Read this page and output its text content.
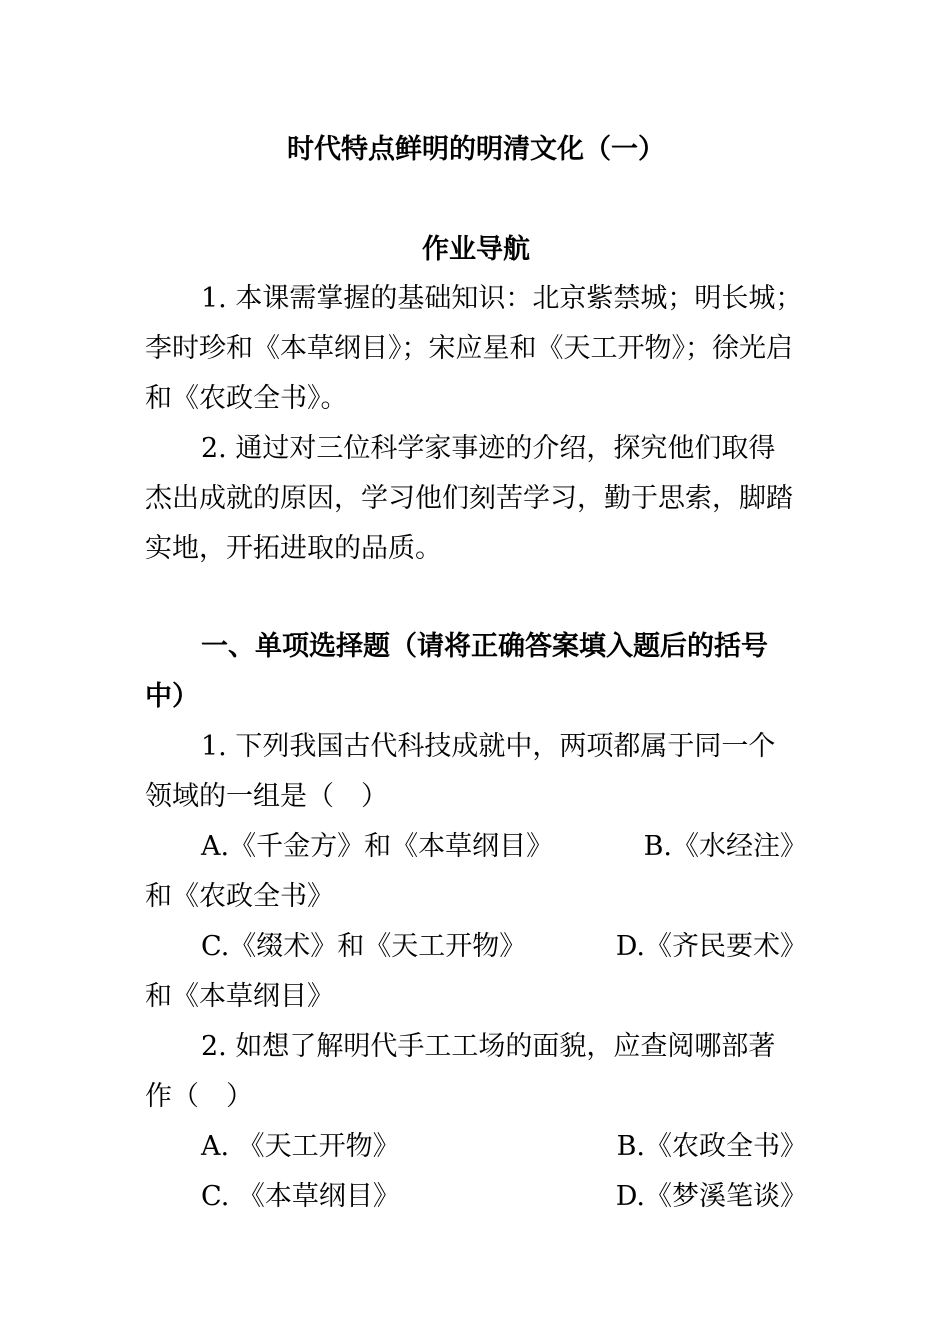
时代特点鲜明的明清文化（一）
作业导航
1. 本课需掌握的基础知识：北京紫禁城；明长城；
李时珍和《本草纲目》；宋应星和《天工开物》；徐光启
和《农政全书》。
2. 通过对三位科学家事迹的介绍，探究他们取得
杰出成就的原因，学习他们刻苦学习，勤于思索，脚踏
实地，开拓进取的品质。
一、单项选择题（请将正确答案填入题后的括号
中）
1. 下列我国古代科技成就中，两项都属于同一个
领域的一组是（　）
A.《千金方》和《本草纲目》	B.《水经注》
和《农政全书》
C.《缀术》和《天工开物》	D.《齐民要术》
和《本草纲目》
2. 如想了解明代手工工场的面貌，应查阅哪部著
作（　）
A. 《天工开物》	B.《农政全书》
C. 《本草纲目》	D.《梦溪笔谈》
